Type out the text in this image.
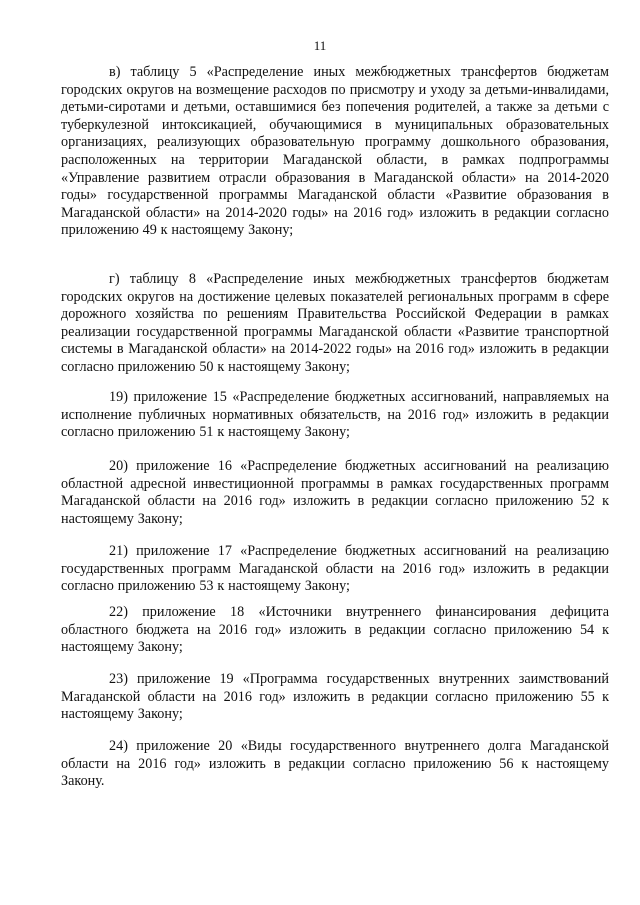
11

в) таблицу 5 «Распределение иных межбюджетных трансфертов бюджетам городских округов на возмещение расходов по присмотру и уходу за детьми-инвалидами, детьми-сиротами и детьми, оставшимися без попечения родителей, а также за детьми с туберкулезной интоксикацией, обучающимися в муниципальных образовательных организациях, реализующих образовательную программу дошкольного образования, расположенных на территории Магаданской области, в рамках подпрограммы «Управление развитием отрасли образования в Магаданской области» на 2014-2020 годы» государственной программы Магаданской области «Развитие образования в Магаданской области» на 2014-2020 годы» на 2016 год» изложить в редакции согласно приложению 49 к настоящему Закону;

г) таблицу 8 «Распределение иных межбюджетных трансфертов бюджетам городских округов на достижение целевых показателей региональных программ в сфере дорожного хозяйства по решениям Правительства Российской Федерации в рамках реализации государственной программы Магаданской области «Развитие транспортной системы в Магаданской области» на 2014-2022 годы» на 2016 год» изложить в редакции согласно приложению 50 к настоящему Закону;

19) приложение 15 «Распределение бюджетных ассигнований, направляемых на исполнение публичных нормативных обязательств, на 2016 год» изложить в редакции согласно приложению 51 к настоящему Закону;

20) приложение 16 «Распределение бюджетных ассигнований на реализацию областной адресной инвестиционной программы в рамках государственных программ Магаданской области на 2016 год» изложить в редакции согласно приложению 52 к настоящему Закону;

21) приложение 17 «Распределение бюджетных ассигнований на реализацию государственных программ Магаданской области на 2016 год» изложить в редакции согласно приложению 53 к настоящему Закону;

22) приложение 18 «Источники внутреннего финансирования дефицита областного бюджета на 2016 год» изложить в редакции согласно приложению 54 к настоящему Закону;

23) приложение 19 «Программа государственных внутренних заимствований Магаданской области на 2016 год» изложить в редакции согласно приложению 55 к настоящему Закону;

24) приложение 20 «Виды государственного внутреннего долга Магаданской области на 2016 год» изложить в редакции согласно приложению 56 к настоящему Закону.
